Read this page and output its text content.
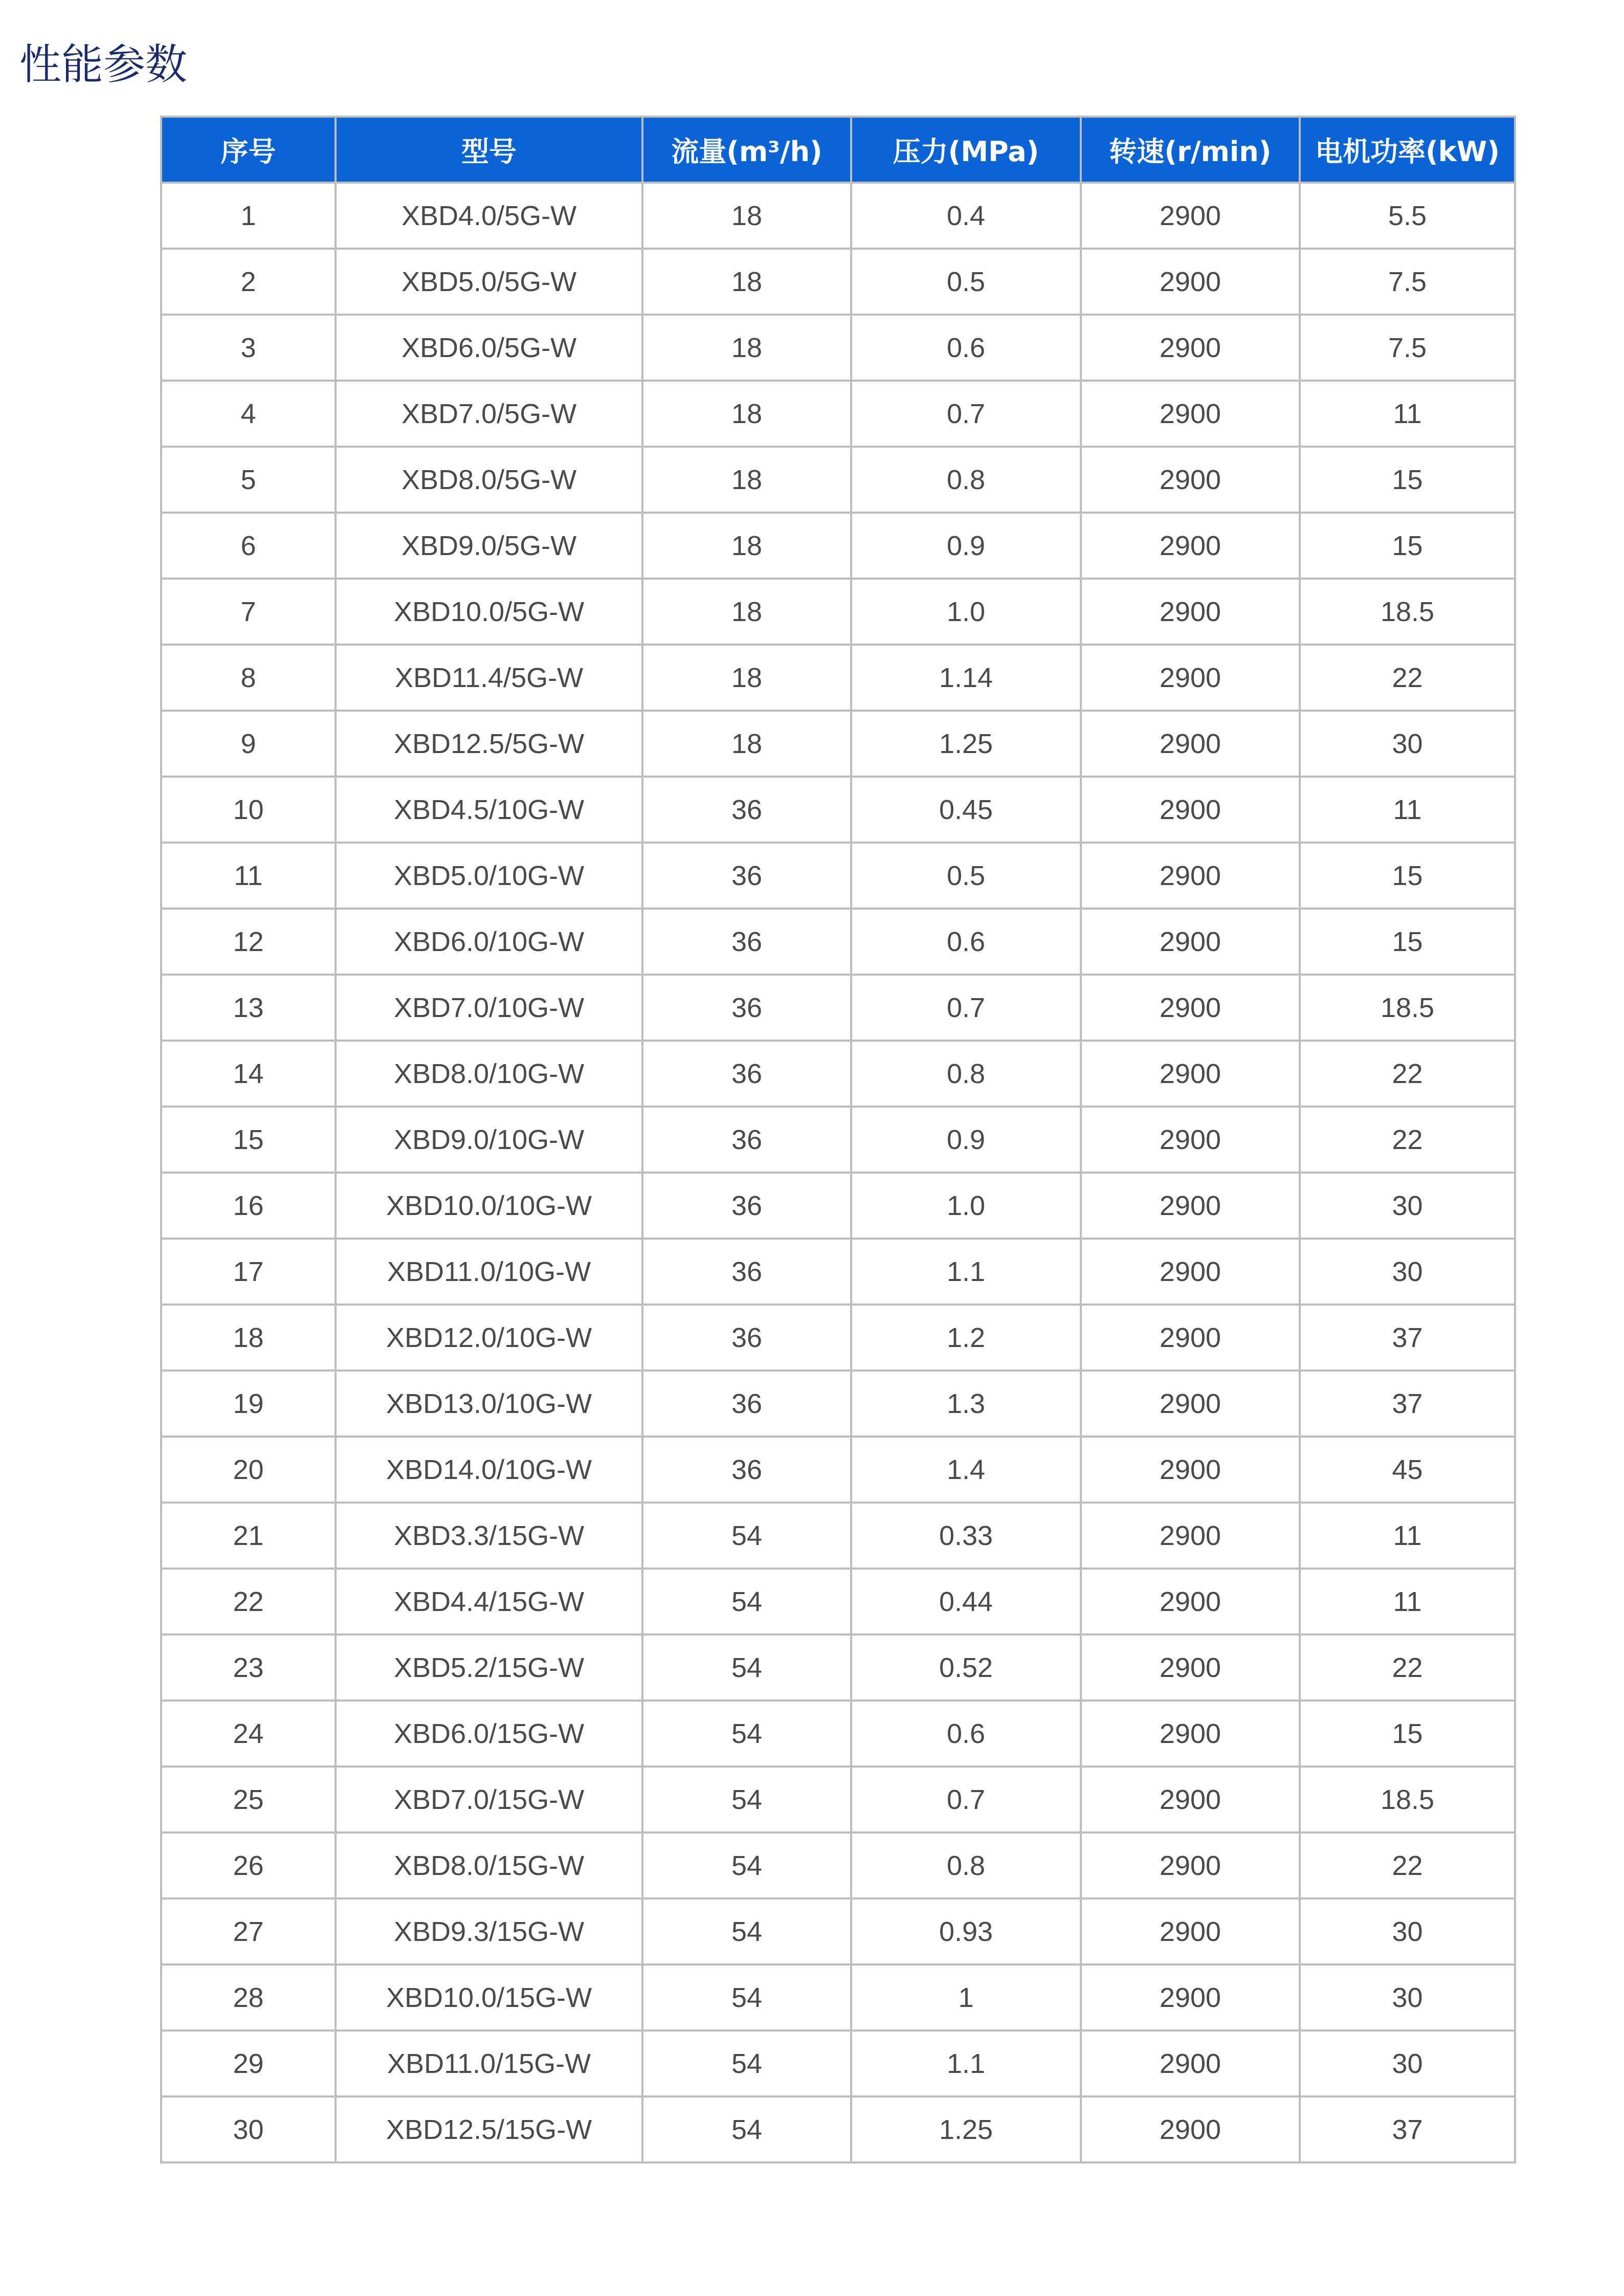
性能参数
序号	型号	流量(m³/h)	压力(MPa)	转速(r/min)	电机功率(kW)
1	XBD4.0/5G-W	18	0.4	2900	5.5
2	XBD5.0/5G-W	18	0.5	2900	7.5
3	XBD6.0/5G-W	18	0.6	2900	7.5
4	XBD7.0/5G-W	18	0.7	2900	11
5	XBD8.0/5G-W	18	0.8	2900	15
6	XBD9.0/5G-W	18	0.9	2900	15
7	XBD10.0/5G-W	18	1.0	2900	18.5
8	XBD11.4/5G-W	18	1.14	2900	22
9	XBD12.5/5G-W	18	1.25	2900	30
10	XBD4.5/10G-W	36	0.45	2900	11
11	XBD5.0/10G-W	36	0.5	2900	15
12	XBD6.0/10G-W	36	0.6	2900	15
13	XBD7.0/10G-W	36	0.7	2900	18.5
14	XBD8.0/10G-W	36	0.8	2900	22
15	XBD9.0/10G-W	36	0.9	2900	22
16	XBD10.0/10G-W	36	1.0	2900	30
17	XBD11.0/10G-W	36	1.1	2900	30
18	XBD12.0/10G-W	36	1.2	2900	37
19	XBD13.0/10G-W	36	1.3	2900	37
20	XBD14.0/10G-W	36	1.4	2900	45
21	XBD3.3/15G-W	54	0.33	2900	11
22	XBD4.4/15G-W	54	0.44	2900	11
23	XBD5.2/15G-W	54	0.52	2900	22
24	XBD6.0/15G-W	54	0.6	2900	15
25	XBD7.0/15G-W	54	0.7	2900	18.5
26	XBD8.0/15G-W	54	0.8	2900	22
27	XBD9.3/15G-W	54	0.93	2900	30
28	XBD10.0/15G-W	54	1	2900	30
29	XBD11.0/15G-W	54	1.1	2900	30
30	XBD12.5/15G-W	54	1.25	2900	37
